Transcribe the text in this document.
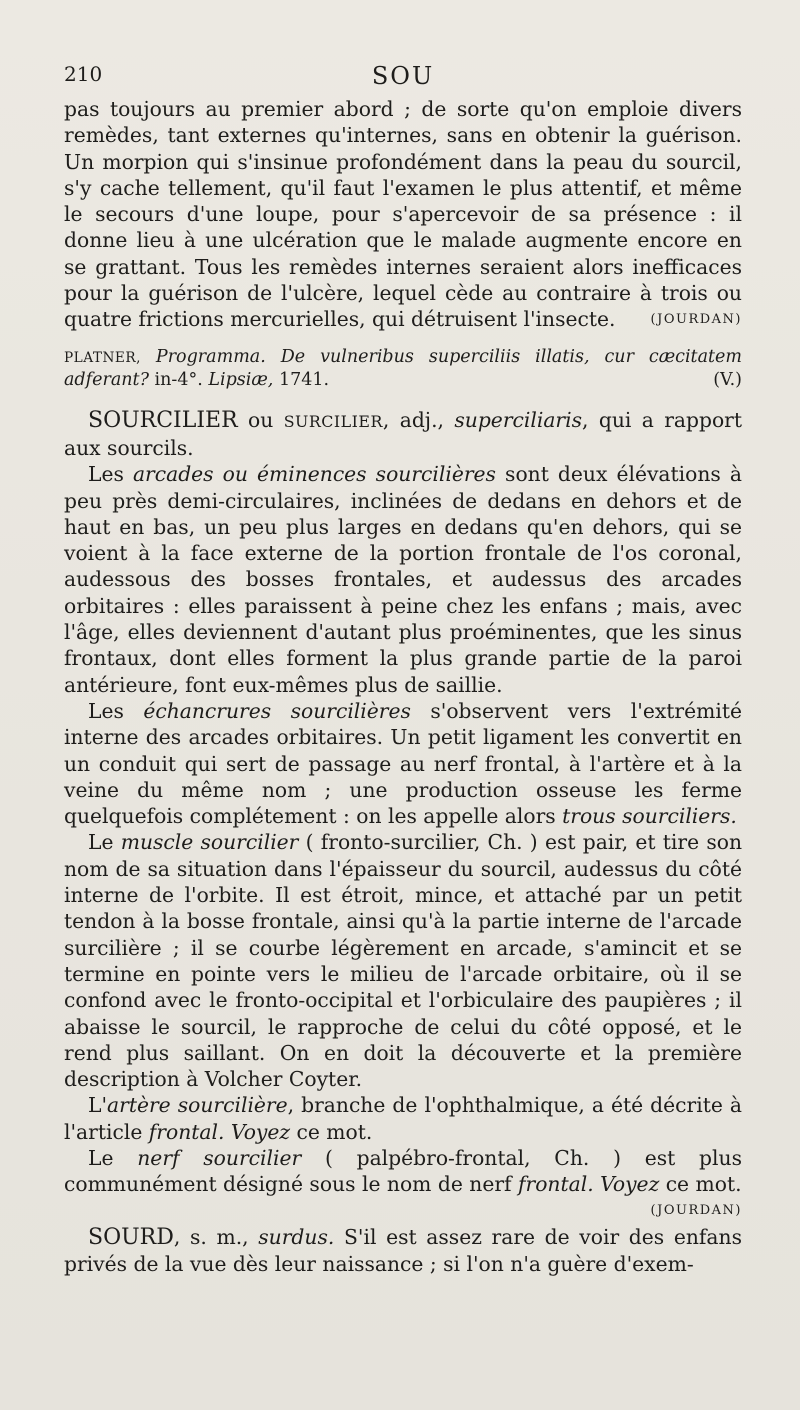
210	SOU

pas toujours au premier abord ; de sorte qu'on emploie divers remèdes, tant externes qu'internes, sans en obtenir la guérison. Un morpion qui s'insinue profondément dans la peau du sourcil, s'y cache tellement, qu'il faut l'examen le plus attentif, et même le secours d'une loupe, pour s'apercevoir de sa présence : il donne lieu à une ulcération que le malade augmente encore en se grattant. Tous les remèdes internes seraient alors inefficaces pour la guérison de l'ulcère, lequel cède au contraire à trois ou quatre frictions mercurielles, qui détruisent l'insecte.	(JOURDAN)

PLATNER, Programma. De vulneribus superciliis illatis, cur cæcitatem adferant? in-4°. Lipsiæ, 1741.	(V.)

SOURCILIER ou SURCILIER, adj., superciliaris, qui a rapport aux sourcils.

Les arcades ou éminences sourcilières sont deux élévations à peu près demi-circulaires, inclinées de dedans en dehors et de haut en bas, un peu plus larges en dedans qu'en dehors, qui se voient à la face externe de la portion frontale de l'os coronal, audessous des bosses frontales, et audessus des arcades orbitaires : elles paraissent à peine chez les enfans ; mais, avec l'âge, elles deviennent d'autant plus proéminentes, que les sinus frontaux, dont elles forment la plus grande partie de la paroi antérieure, font eux-mêmes plus de saillie.

Les échancrures sourcilières s'observent vers l'extrémité interne des arcades orbitaires. Un petit ligament les convertit en un conduit qui sert de passage au nerf frontal, à l'artère et à la veine du même nom ; une production osseuse les ferme quelquefois complétement : on les appelle alors trous sourciliers.

Le muscle sourcilier ( fronto-surcilier, Ch. ) est pair, et tire son nom de sa situation dans l'épaisseur du sourcil, audessus du côté interne de l'orbite. Il est étroit, mince, et attaché par un petit tendon à la bosse frontale, ainsi qu'à la partie interne de l'arcade surcilière ; il se courbe légèrement en arcade, s'amincit et se termine en pointe vers le milieu de l'arcade orbitaire, où il se confond avec le fronto-occipital et l'orbiculaire des paupières ; il abaisse le sourcil, le rapproche de celui du côté opposé, et le rend plus saillant. On en doit la découverte et la première description à Volcher Coyter.

L'artère sourcilière, branche de l'ophthalmique, a été décrite à l'article frontal. Voyez ce mot.

Le nerf sourcilier ( palpébro-frontal, Ch. ) est plus communément désigné sous le nom de nerf frontal. Voyez ce mot.

(JOURDAN)

SOURD, s. m., surdus. S'il est assez rare de voir des enfans privés de la vue dès leur naissance ; si l'on n'a guère d'exem-
